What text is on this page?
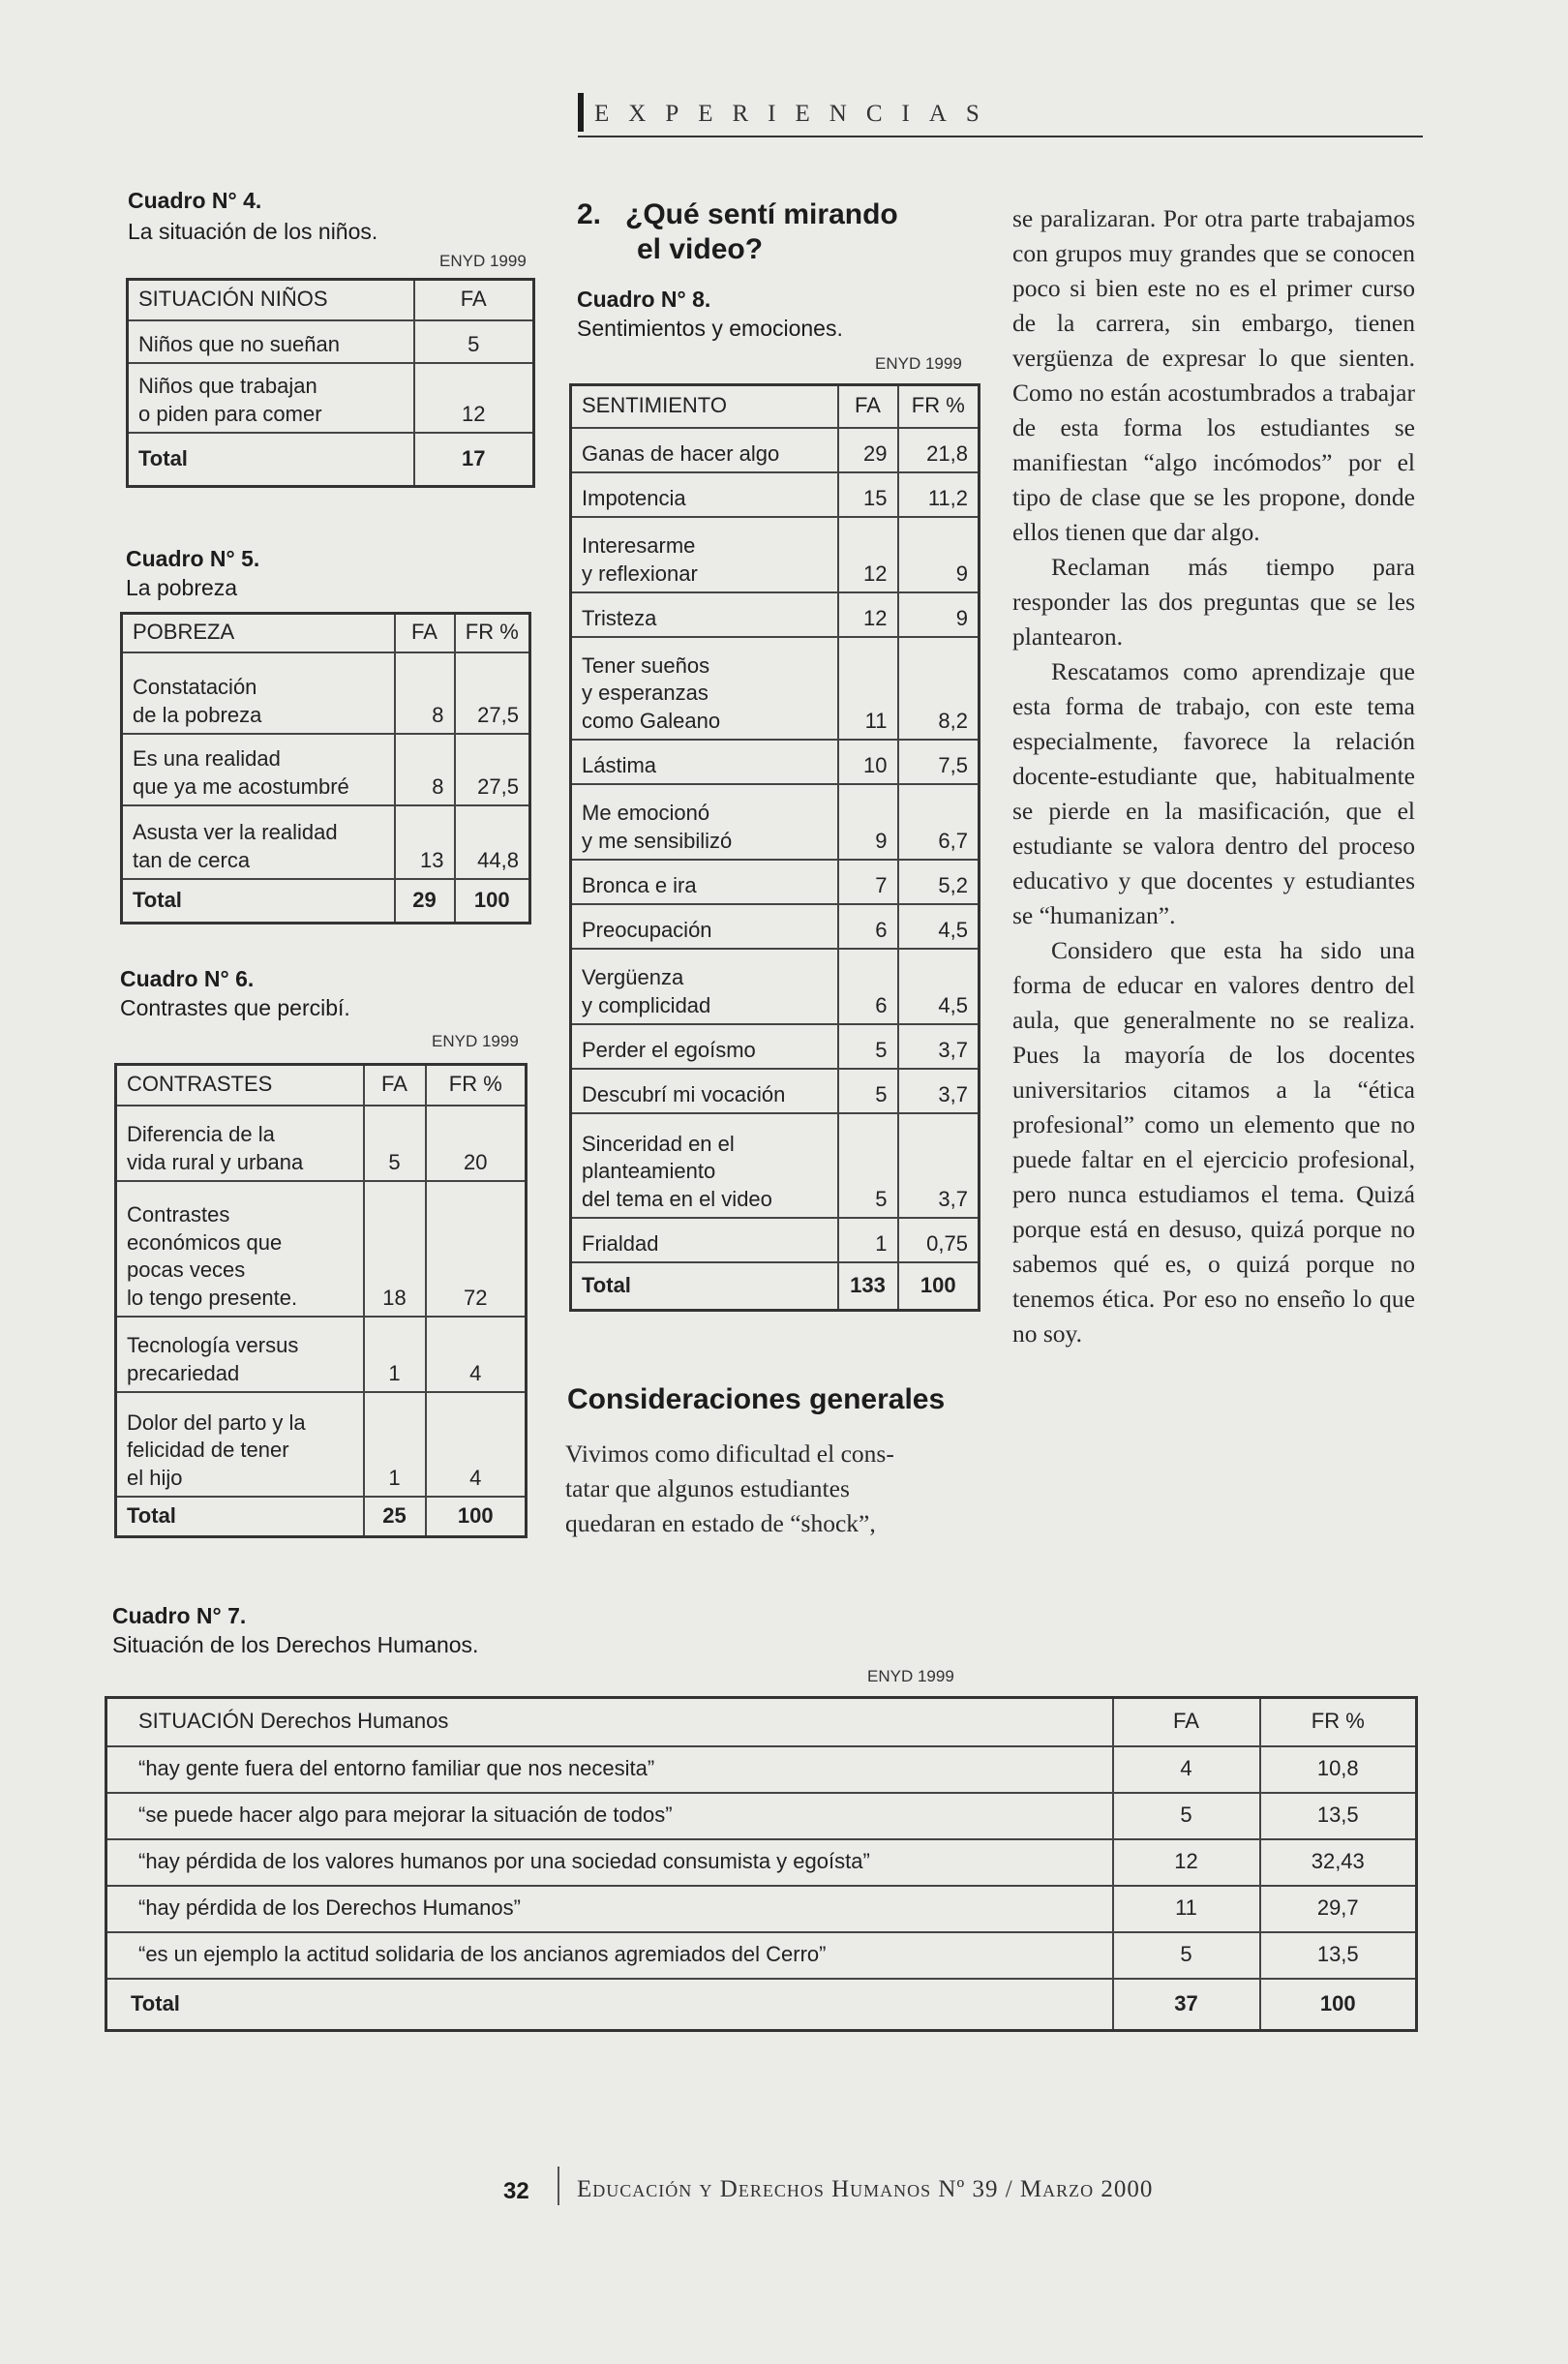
EXPERIENCIAS
Cuadro N° 4.
La situación de los niños.
ENYD 1999
SITUACIÓN NIÑOS	FA
Niños que no sueñan	5

Niños que trabajan
o piden para comer	12
Total	17
Cuadro N° 5.
La pobreza
POBREZA	FA	FR %

Constatación
de la pobreza	8	27,5

Es una realidad
que ya me acostumbré	8	27,5

Asusta ver la realidad
tan de cerca	13	44,8
Total	29	100
Cuadro N° 6.
Contrastes que percibí.
ENYD 1999
CONTRASTES	FA	FR %

Diferencia de la
vida rural y urbana	5	20

Contrastes
económicos que
pocas veces
lo tengo presente.	18	72

Tecnología versus
precariedad	1	4

Dolor del parto y la
felicidad de tener
el hijo	1	4
Total	25	100
2.   ¿Qué sentí mirando
el video?
Cuadro N° 8.
Sentimientos y emociones.
ENYD 1999
SENTIMIENTO	FA	FR %
Ganas de hacer algo	29	21,8
Impotencia	15	11,2

Interesarme
y reflexionar	12	9
Tristeza	12	9

Tener sueños
y esperanzas
como Galeano	11	8,2
Lástima	10	7,5

Me emocionó
y me sensibilizó	9	6,7
Bronca e ira	7	5,2
Preocupación	6	4,5

Vergüenza
y complicidad	6	4,5
Perder el egoísmo	5	3,7
Descubrí mi vocación	5	3,7

Sinceridad en el
planteamiento
del tema en el video	5	3,7
Frialdad	1	0,75
Total	133	100
Consideraciones generales
Vivimos como dificultad el cons-
tatar que algunos estudiantes
quedaran en estado de “shock”,

se paralizaran. Por otra parte trabajamos con grupos muy grandes que se conocen poco si bien este no es el primer curso de la carrera, sin embargo, tienen vergüenza de expresar lo que sienten. Como no están acostumbrados a trabajar de esta forma los estudiantes se manifiestan “algo incómodos” por el tipo de clase que se les propone, donde ellos tienen que dar algo.

Reclaman más tiempo para responder las dos preguntas que se les plantearon.

Rescatamos como aprendizaje que esta forma de trabajo, con este tema especialmente, favorece la relación docente-estudiante que, habitualmente se pierde en la masificación, que el estudiante se valora dentro del proceso educativo y que docentes y estudiantes se “humanizan”.

Considero que esta ha sido una forma de educar en valores dentro del aula, que generalmente no se realiza. Pues la mayoría de los docentes universitarios citamos a la “ética profesional” como un elemento que no puede faltar en el ejercicio profesional, pero nunca estudiamos el tema. Quizá porque está en desuso, quizá porque no sabemos qué es, o quizá porque no tenemos ética. Por eso no enseño lo que no soy.

Cuadro N° 7.
Situación de los Derechos Humanos.
ENYD 1999
SITUACIÓN Derechos Humanos	FA	FR %
“hay gente fuera del entorno familiar que nos necesita”	4	10,8
“se puede hacer algo para mejorar la situación de todos”	5	13,5
“hay pérdida de los valores humanos por una sociedad consumista y egoísta”	12	32,43
“hay pérdida de los Derechos Humanos”	11	29,7
“es un ejemplo la actitud solidaria de los ancianos agremiados del Cerro”	5	13,5
Total	37	100
32 Educación y Derechos Humanos Nº 39 / Marzo 2000
